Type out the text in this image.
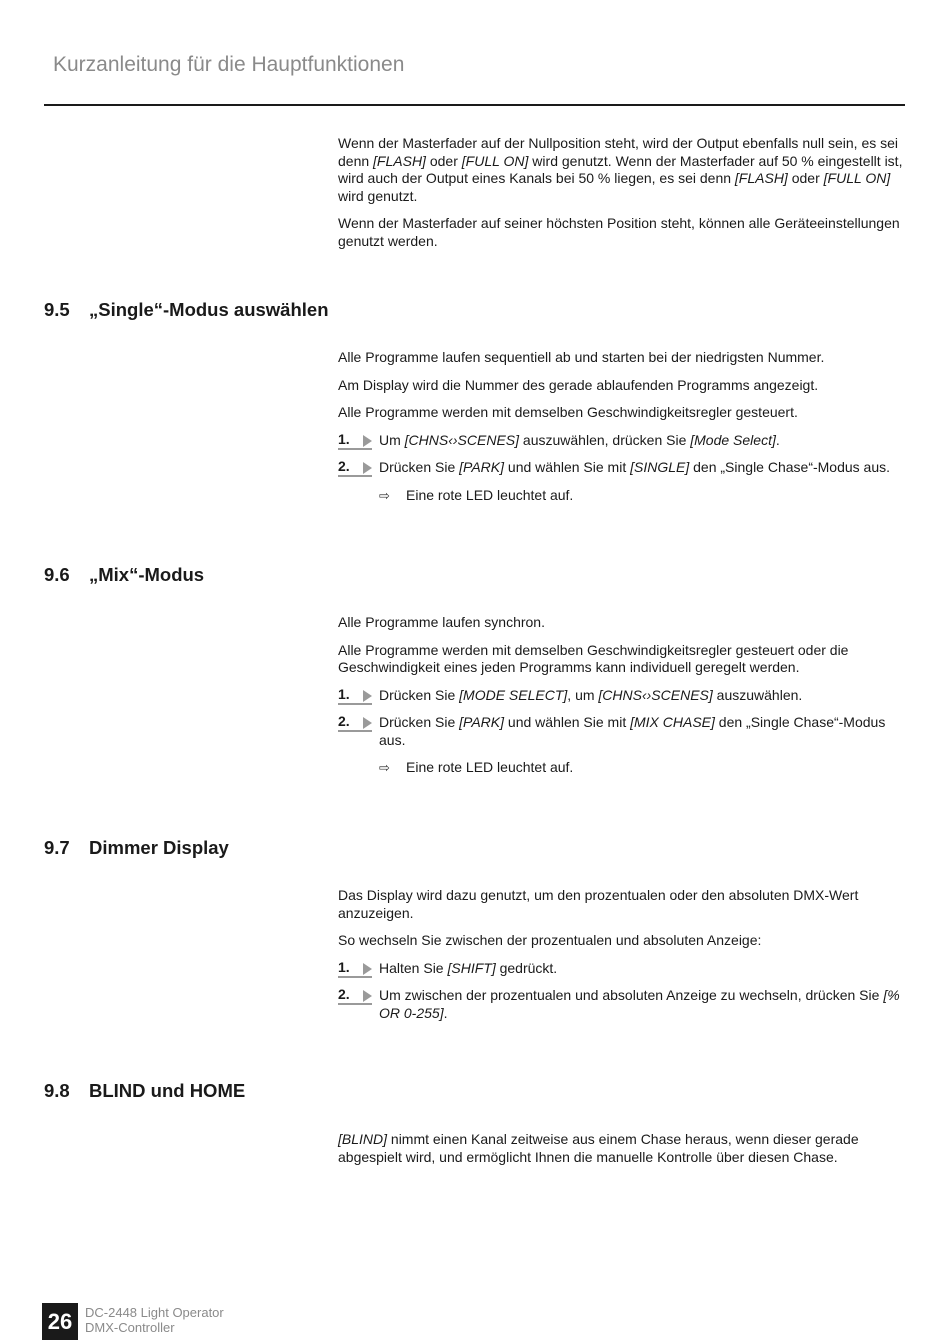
Kurzanleitung für die Hauptfunktionen

Wenn der Masterfader auf der Nullposition steht, wird der Output ebenfalls null sein, es sei denn [FLASH] oder [FULL ON] wird genutzt. Wenn der Masterfader auf 50 % eingestellt ist, wird auch der Output eines Kanals bei 50 % liegen, es sei denn [FLASH] oder [FULL ON] wird genutzt.

Wenn der Masterfader auf seiner höchsten Position steht, können alle Geräteeinstellungen genutzt werden.

9.5 „Single“-Modus auswählen

Alle Programme laufen sequentiell ab und starten bei der niedrigsten Nummer.

Am Display wird die Nummer des gerade ablaufenden Programms angezeigt.

Alle Programme werden mit demselben Geschwindigkeitsregler gesteuert.

1.	Um [CHNS‹›SCENES] auszuwählen, drücken Sie [Mode Select].
2.	Drücken Sie [PARK] und wählen Sie mit [SINGLE] den „Single Chase“-Modus aus.
⇨ Eine rote LED leuchtet auf.
9.6 „Mix“-Modus

Alle Programme laufen synchron.

Alle Programme werden mit demselben Geschwindigkeitsregler gesteuert oder die Geschwindigkeit eines jeden Programms kann individuell geregelt werden.

1.	Drücken Sie [MODE SELECT], um [CHNS‹›SCENES] auszuwählen.
2.	Drücken Sie [PARK] und wählen Sie mit [MIX CHASE] den „Single Chase“-Modus aus.
⇨ Eine rote LED leuchtet auf.
9.7 Dimmer Display

Das Display wird dazu genutzt, um den prozentualen oder den absoluten DMX-Wert anzuzeigen.

So wechseln Sie zwischen der prozentualen und absoluten Anzeige:

1.	Halten Sie [SHIFT] gedrückt.
2.	Um zwischen der prozentualen und absoluten Anzeige zu wechseln, drücken Sie [% OR 0-255].
9.8 BLIND und HOME

[BLIND] nimmt einen Kanal zeitweise aus einem Chase heraus, wenn dieser gerade abgespielt wird, und ermöglicht Ihnen die manuelle Kontrolle über diesen Chase.

26 DC-2448 Light Operator
DMX-Controller
